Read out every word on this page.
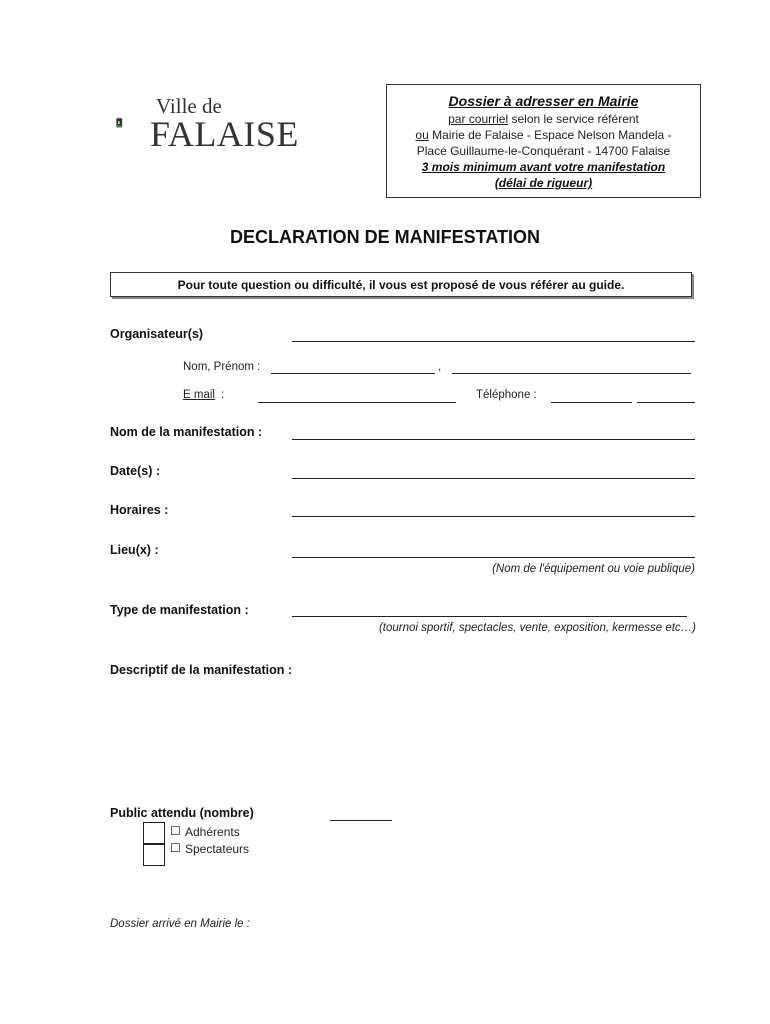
Ville de
FALAISE
Dossier à adresser en Mairie
par courriel selon le service référent
ou Mairie de Falaise - Espace Nelson Mandela -
Place Guillaume-le-Conquérant - 14700 Falaise
3 mois minimum avant votre manifestation
(délai de rigueur)
DECLARATION DE MANIFESTATION
Pour toute question ou difficulté, il vous est proposé de vous référer au guide.
Organisateur(s)
Nom, Prénom :	,
E mail :	Téléphone :
Nom de la manifestation :
Date(s) :
Horaires :
Lieu(x) :
(Nom de l'équipement ou voie publique)
Type de manifestation :
(tournoi sportif, spectacles, vente, exposition, kermesse etc…)
Descriptif de la manifestation :
Public attendu (nombre)
☐ Adhérents
☐ Spectateurs
Dossier arrivé en Mairie le :
